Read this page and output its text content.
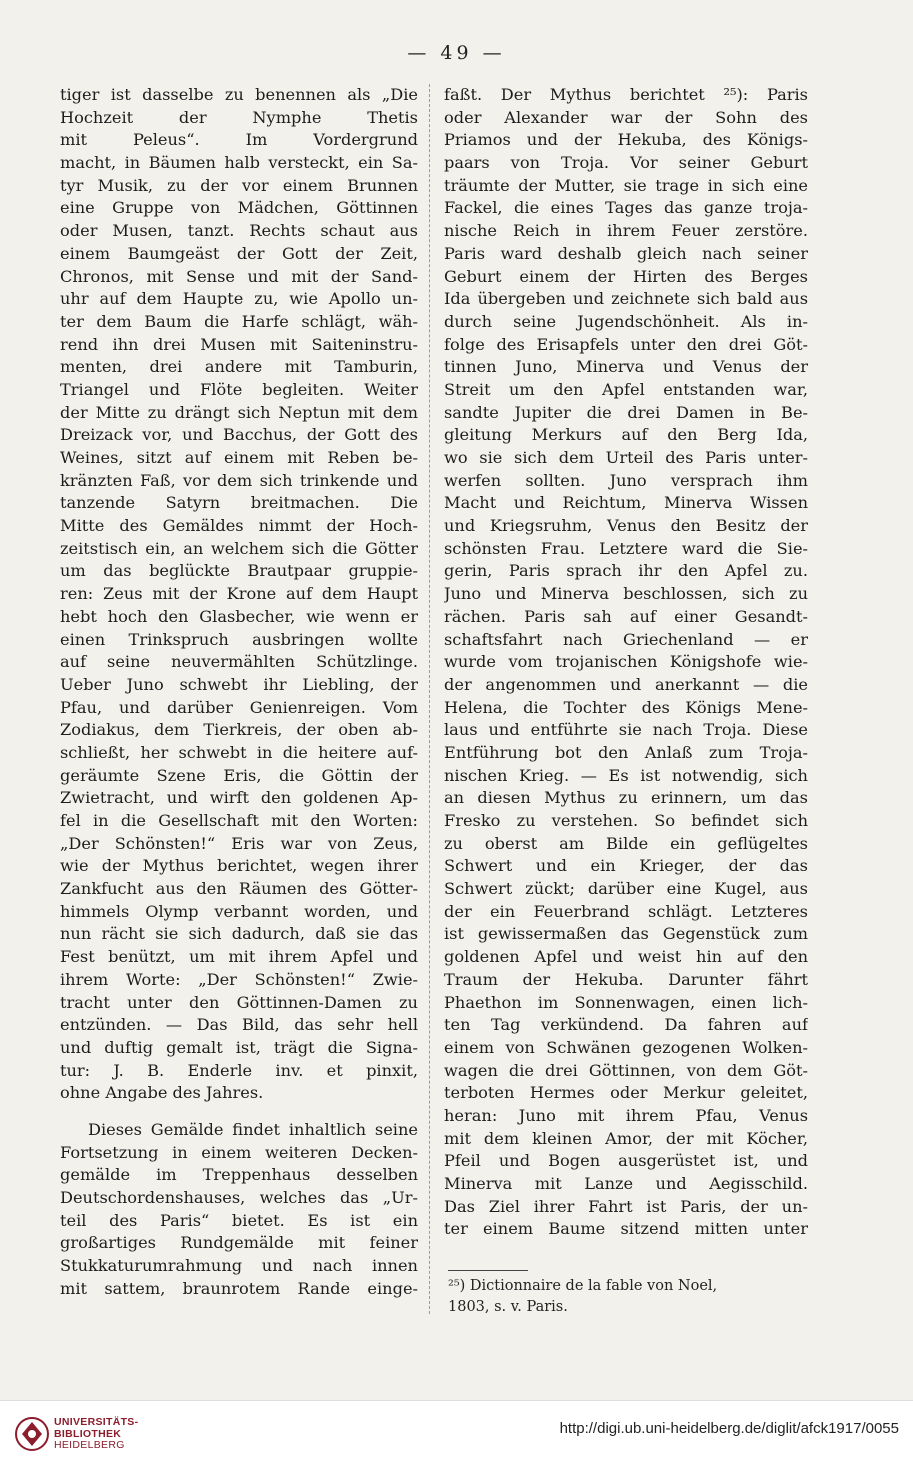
— 49 —
tiger ist dasselbe zu benennen als „Die
Hochzeit der Nymphe Thetis
mit Peleus“. Im Vordergrund
macht, in Bäumen halb versteckt, ein Sa-
tyr Musik, zu der vor einem Brunnen
eine Gruppe von Mädchen, Göttinnen
oder Musen, tanzt. Rechts schaut aus
einem Baumgeäst der Gott der Zeit,
Chronos, mit Sense und mit der Sand-
uhr auf dem Haupte zu, wie Apollo un-
ter dem Baum die Harfe schlägt, wäh-
rend ihn drei Musen mit Saiteninstru-
menten, drei andere mit Tamburin,
Triangel und Flöte begleiten. Weiter
der Mitte zu drängt sich Neptun mit dem
Dreizack vor, und Bacchus, der Gott des
Weines, sitzt auf einem mit Reben be-
kränzten Faß, vor dem sich trinkende und
tanzende Satyrn breitmachen. Die
Mitte des Gemäldes nimmt der Hoch-
zeitstisch ein, an welchem sich die Götter
um das beglückte Brautpaar gruppie-
ren: Zeus mit der Krone auf dem Haupt
hebt hoch den Glasbecher, wie wenn er
einen Trinkspruch ausbringen wollte
auf seine neuvermählten Schützlinge.
Ueber Juno schwebt ihr Liebling, der
Pfau, und darüber Genienreigen. Vom
Zodiakus, dem Tierkreis, der oben ab-
schließt, her schwebt in die heitere auf-
geräumte Szene Eris, die Göttin der
Zwietracht, und wirft den goldenen Ap-
fel in die Gesellschaft mit den Worten:
„Der Schönsten!“ Eris war von Zeus,
wie der Mythus berichtet, wegen ihrer
Zankfucht aus den Räumen des Götter-
himmels Olymp verbannt worden, und
nun rächt sie sich dadurch, daß sie das
Fest benützt, um mit ihrem Apfel und
ihrem Worte: „Der Schönsten!“ Zwie-
tracht unter den Göttinnen-Damen zu
entzünden. — Das Bild, das sehr hell
und duftig gemalt ist, trägt die Signa-
tur: J. B. Enderle inv. et pinxit,
ohne Angabe des Jahres.
Dieses Gemälde findet inhaltlich seine
Fortsetzung in einem weiteren Decken-
gemälde im Treppenhaus desselben
Deutschordenshauses, welches das „Ur-
teil des Paris“ bietet. Es ist ein
großartiges Rundgemälde mit feiner
Stukkaturumrahmung und nach innen
mit sattem, braunrotem Rande einge-
faßt. Der Mythus berichtet ²⁵): Paris
oder Alexander war der Sohn des
Priamos und der Hekuba, des Königs-
paars von Troja. Vor seiner Geburt
träumte der Mutter, sie trage in sich eine
Fackel, die eines Tages das ganze troja-
nische Reich in ihrem Feuer zerstöre.
Paris ward deshalb gleich nach seiner
Geburt einem der Hirten des Berges
Ida übergeben und zeichnete sich bald aus
durch seine Jugendschönheit. Als in-
folge des Erisapfels unter den drei Göt-
tinnen Juno, Minerva und Venus der
Streit um den Apfel entstanden war,
sandte Jupiter die drei Damen in Be-
gleitung Merkurs auf den Berg Ida,
wo sie sich dem Urteil des Paris unter-
werfen sollten. Juno versprach ihm
Macht und Reichtum, Minerva Wissen
und Kriegsruhm, Venus den Besitz der
schönsten Frau. Letztere ward die Sie-
gerin, Paris sprach ihr den Apfel zu.
Juno und Minerva beschlossen, sich zu
rächen. Paris sah auf einer Gesandt-
schaftsfahrt nach Griechenland — er
wurde vom trojanischen Königshofe wie-
der angenommen und anerkannt — die
Helena, die Tochter des Königs Mene-
laus und entführte sie nach Troja. Diese
Entführung bot den Anlaß zum Troja-
nischen Krieg. — Es ist notwendig, sich
an diesen Mythus zu erinnern, um das
Fresko zu verstehen. So befindet sich
zu oberst am Bilde ein geflügeltes
Schwert und ein Krieger, der das
Schwert zückt; darüber eine Kugel, aus
der ein Feuerbrand schlägt. Letzteres
ist gewissermaßen das Gegenstück zum
goldenen Apfel und weist hin auf den
Traum der Hekuba. Darunter fährt
Phaethon im Sonnenwagen, einen lich-
ten Tag verkündend. Da fahren auf
einem von Schwänen gezogenen Wolken-
wagen die drei Göttinnen, von dem Göt-
terboten Hermes oder Merkur geleitet,
heran: Juno mit ihrem Pfau, Venus
mit dem kleinen Amor, der mit Köcher,
Pfeil und Bogen ausgerüstet ist, und
Minerva mit Lanze und Aegisschild.
Das Ziel ihrer Fahrt ist Paris, der un-
ter einem Baume sitzend mitten unter
²⁵) Dictionnaire de la fable von Noel,
1803, s. v. Paris.
UNIVERSITÄTS-
BIBLIOTHEK
HEIDELBERG
http://digi.ub.uni-heidelberg.de/diglit/afck1917/0055
